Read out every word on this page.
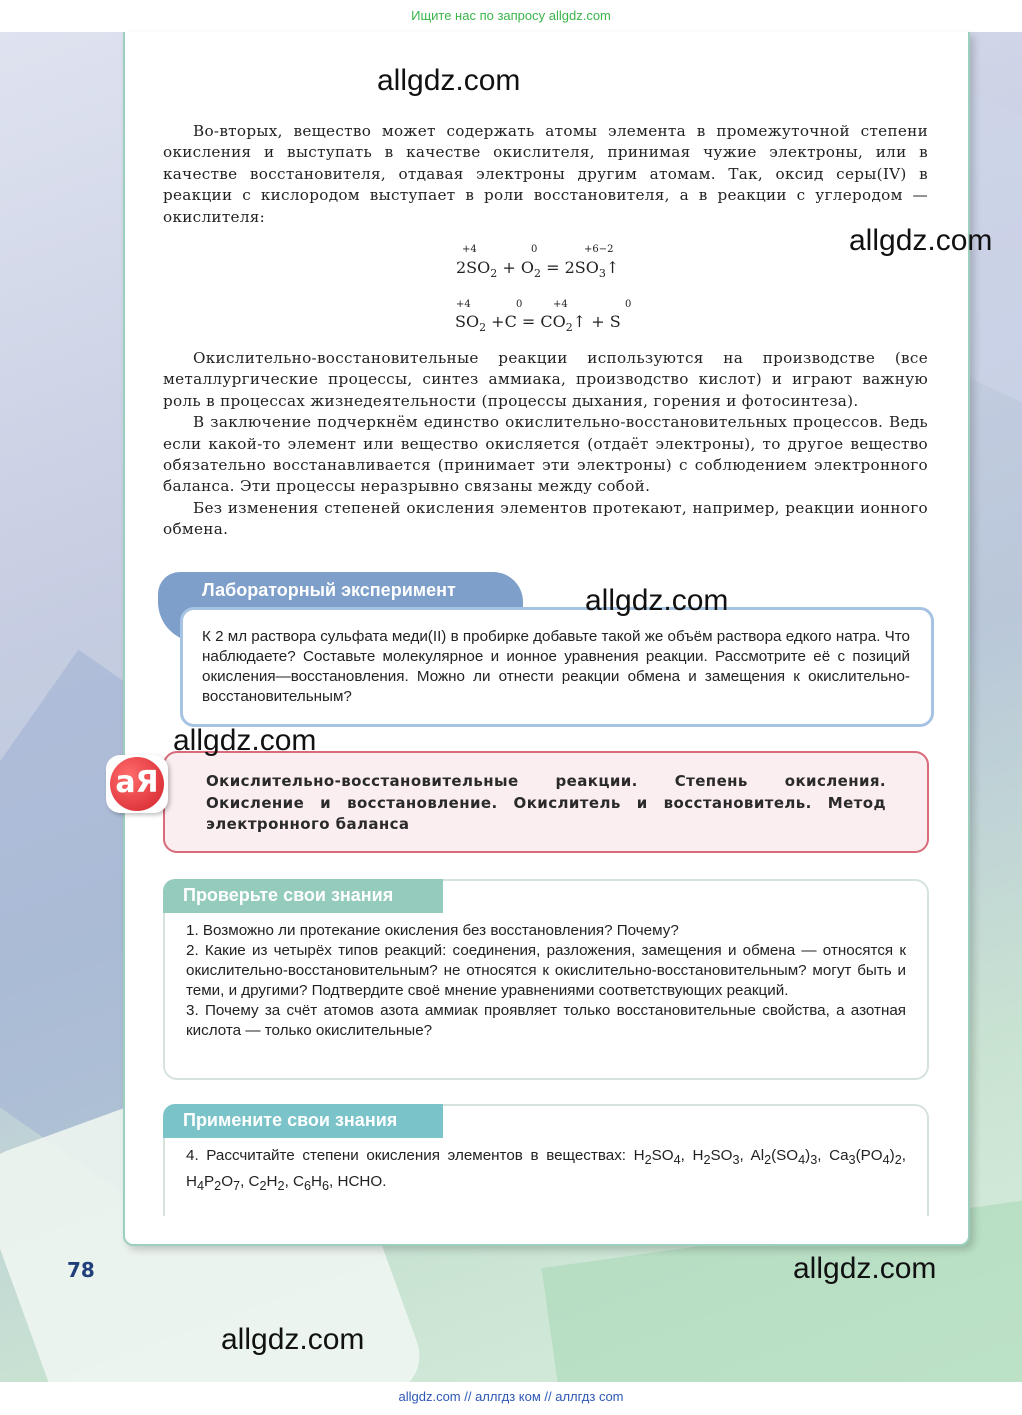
Ищите нас по запросу allgdz.com

Во-вторых, вещество может содержать атомы элемента в промежуточной степени окисления и выступать в качестве окислителя, принимая чужие электроны, или в качестве восстановителя, отдавая электроны другим атомам. Так, оксид серы(IV) в реакции с кислородом выступает в роли восстановителя, а в реакции с углеродом — окислителя:

+4	0	+6−2
$2SO_2 + O_2$ = $2SO_3↑$
+4	0	+4	0
$SO_2 +C$ = $CO_2↑ + S$

Окислительно-восстановительные реакции используются на производстве (все металлургические процессы, синтез аммиака, производство кислот) и играют важную роль в процессах жизнедеятельности (процессы дыхания, горения и фотосинтеза).

В заключение подчеркнём единство окислительно-восстановительных процессов. Ведь если какой-то элемент или вещество окисляется (отдаёт электроны), то другое вещество обязательно восстанавливается (принимает эти электроны) с соблюдением электронного баланса. Эти процессы неразрывно связаны между собой.

Без изменения степеней окисления элементов протекают, например, реакции ионного обмена.

Лабораторный эксперимент
К 2 мл раствора сульфата меди(II) в пробирке добавьте такой же объём раствора едкого натра. Что наблюдаете? Составьте молекулярное и ионное уравнения реакции. Рассмотрите её с позиций окисления—восстановления. Можно ли отнести реакции обмена и замещения к окислительно-восстановительным?
аЯ	Окислительно-восстановительные реакции. Степень окисления. Окисление и восстановление. Окислитель и восстановитель. Метод электронного баланса
Проверьте свои знания
1. Возможно ли протекание окисления без восстановления? Почему?
2. Какие из четырёх типов реакций: соединения, разложения, замещения и обмена — относятся к окислительно-восстановительным? не относятся к окислительно-восстановительным? могут быть и теми, и другими? Подтвердите своё мнение уравнениями соответствующих реакций.
3. Почему за счёт атомов азота аммиак проявляет только восстановительные свойства, а азотная кислота — только окислительные?
Примените свои знания
4. Рассчитайте степени окисления элементов в веществах: $H_2SO_4$, $H_2SO_3$, $Al_2(SO_4)_3$, $Ca_3(PO_4)_2$, $H_4P_2O_7$, $C_2H_2$, $C_6H_6$, HCHO.
allgdz.com
allgdz.com
allgdz.com
allgdz.com
allgdz.com
allgdz.com
78
allgdz.com // аллгдз ком // аллгдз com
